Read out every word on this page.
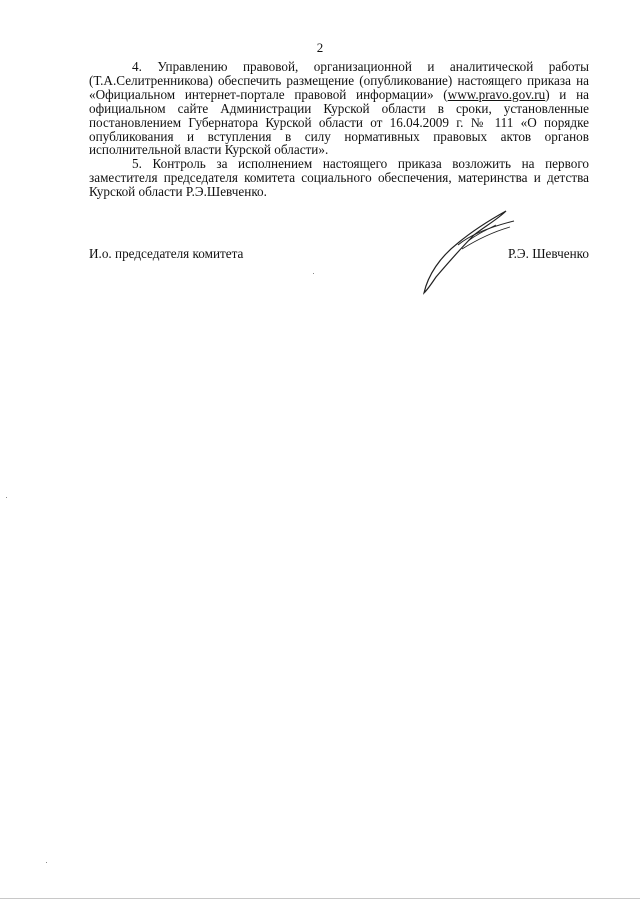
2

4. Управлению правовой, организационной и аналитической работы (Т.А.Селитренникова) обеспечить размещение (опубликование) настоящего приказа на «Официальном интернет-портале правовой информации» (www.pravo.gov.ru) и на официальном сайте Администрации Курской области в сроки, установленные постановлением Губернатора Курской области от 16.04.2009 г. № 111 «О порядке опубликования и вступления в силу нормативных правовых актов органов исполнительной власти Курской области».

5. Контроль за исполнением настоящего приказа возложить на первого заместителя председателя комитета социального обеспечения, материнства и детства Курской области Р.Э.Шевченко.

И.о. председателя комитета	Р.Э. Шевченко
